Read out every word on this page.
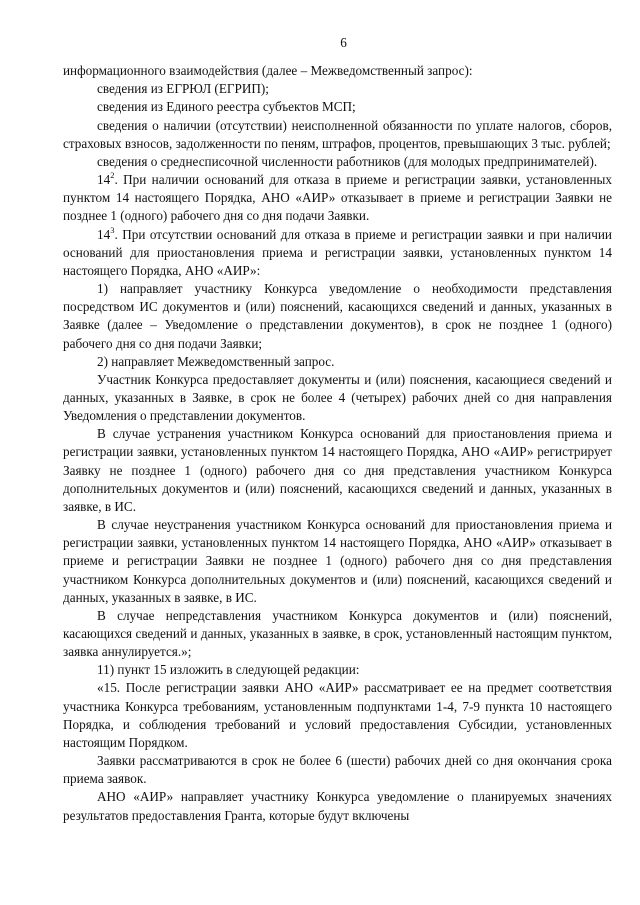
6

информационного взаимодействия (далее – Межведомственный запрос):

сведения из ЕГРЮЛ (ЕГРИП);

сведения из Единого реестра субъектов МСП;

сведения о наличии (отсутствии) неисполненной обязанности по уплате налогов, сборов, страховых взносов, задолженности по пеням, штрафов, процентов, превышающих 3 тыс. рублей;

сведения о среднесписочной численности работников (для молодых предпринимателей).

$14^2$. При наличии оснований для отказа в приеме и регистрации заявки, установленных пунктом 14 настоящего Порядка, АНО «АИР» отказывает в приеме и регистрации Заявки не позднее 1 (одного) рабочего дня со дня подачи Заявки.

$14^3$. При отсутствии оснований для отказа в приеме и регистрации заявки и при наличии оснований для приостановления приема и регистрации заявки, установленных пунктом 14 настоящего Порядка, АНО «АИР»:

1) направляет участнику Конкурса уведомление о необходимости представления посредством ИС документов и (или) пояснений, касающихся сведений и данных, указанных в Заявке (далее – Уведомление о представлении документов), в срок не позднее 1 (одного) рабочего дня со дня подачи Заявки;

2) направляет Межведомственный запрос.

Участник Конкурса предоставляет документы и (или) пояснения, касающиеся сведений и данных, указанных в Заявке, в срок не более 4 (четырех) рабочих дней со дня направления Уведомления о представлении документов.

В случае устранения участником Конкурса оснований для приостановления приема и регистрации заявки, установленных пунктом 14 настоящего Порядка, АНО «АИР» регистрирует Заявку не позднее 1 (одного) рабочего дня со дня представления участником Конкурса дополнительных документов и (или) пояснений, касающихся сведений и данных, указанных в заявке, в ИС.

В случае неустранения участником Конкурса оснований для приостановления приема и регистрации заявки, установленных пунктом 14 настоящего Порядка, АНО «АИР» отказывает в приеме и регистрации Заявки не позднее 1 (одного) рабочего дня со дня представления участником Конкурса дополнительных документов и (или) пояснений, касающихся сведений и данных, указанных в заявке, в ИС.

В случае непредставления участником Конкурса документов и (или) пояснений, касающихся сведений и данных, указанных в заявке, в срок, установленный настоящим пунктом, заявка аннулируется.»;

11) пункт 15 изложить в следующей редакции:

«15. После регистрации заявки АНО «АИР» рассматривает ее на предмет соответствия участника Конкурса требованиям, установленным подпунктами 1-4, 7-9 пункта 10 настоящего Порядка, и соблюдения требований и условий предоставления Субсидии, установленных настоящим Порядком.

Заявки рассматриваются в срок не более 6 (шести) рабочих дней со дня окончания срока приема заявок.

АНО «АИР» направляет участнику Конкурса уведомление о планируемых значениях результатов предоставления Гранта, которые будут включены
